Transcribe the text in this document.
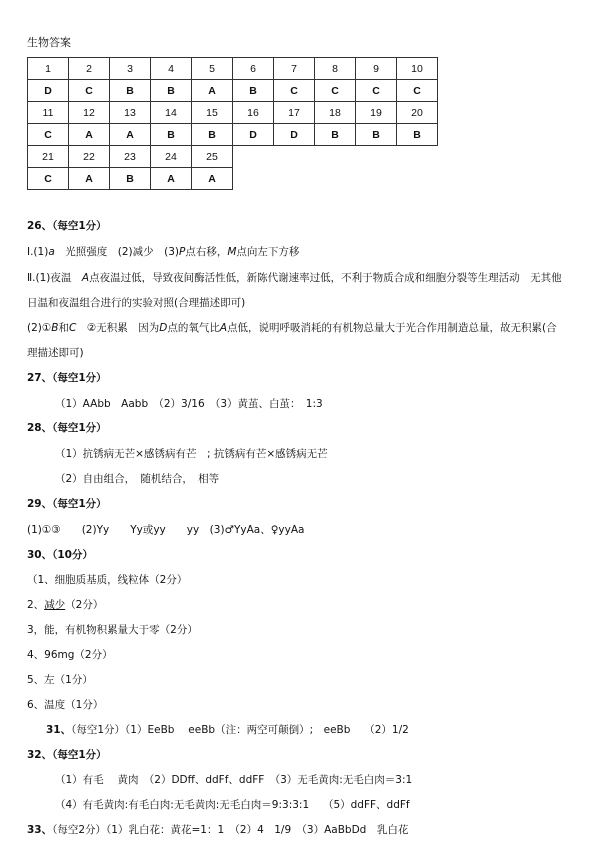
生物答案
1	2	3	4	5	6	7	8	9	10
D	C	B	B	A	B	C	C	C	C
11	12	13	14	15	16	17	18	19	20
C	A	A	B	B	D	D	B	B	B
21	22	23	24	25					
C	A	B	A	A					
26、（每空1分）
Ⅰ.(1)a　光照强度　(2)减少　(3)P点右移，M点向左下方移
Ⅱ.(1)夜温　A点夜温过低，导致夜间酶活性低，新陈代谢速率过低，不利于物质合成和细胞分裂等生理活动　无其他
日温和夜温组合进行的实验对照(合理描述即可)
(2)①B和C　②无积累　因为D点的氧气比A点低，说明呼吸消耗的有机物总量大于光合作用制造总量，故无积累(合
理描述即可)
27、（每空1分）
（1）AAbb　Aabb　（2）3/16　（3）黄茧、白茧：　1:3
28、（每空1分）
（1）抗锈病无芒×感锈病有芒　; 抗锈病有芒×感锈病无芒
（2）自由组合，　随机结合，　相等
29、（每空1分）
(1)①③　　(2)Yy　　Yy或yy　　yy　(3)♂YyAa、♀yyAa
30、（10分）
（1、细胞质基质，线粒体（2分）
2、减少（2分）
3，能，有机物积累量大于零（2分）
4、96mg（2分）
5、左（1分）
6、温度（1分）
31、（每空1分）（1）EeBb　 eeBb（注：两空可颠倒）;　eeBb　 （2）1/2
32、（每空1分）
（1）有毛　 黄肉　（2）DDff、ddFf、ddFF　（3）无毛黄肉:无毛白肉＝3:1
（4）有毛黄肉:有毛白肉:无毛黄肉:无毛白肉＝9:3:3:1　 （5）ddFF、ddFf
33、（每空2分）（1）乳白花：黄花=1：1　（2）4　1/9　（3）AaBbDd　乳白花
